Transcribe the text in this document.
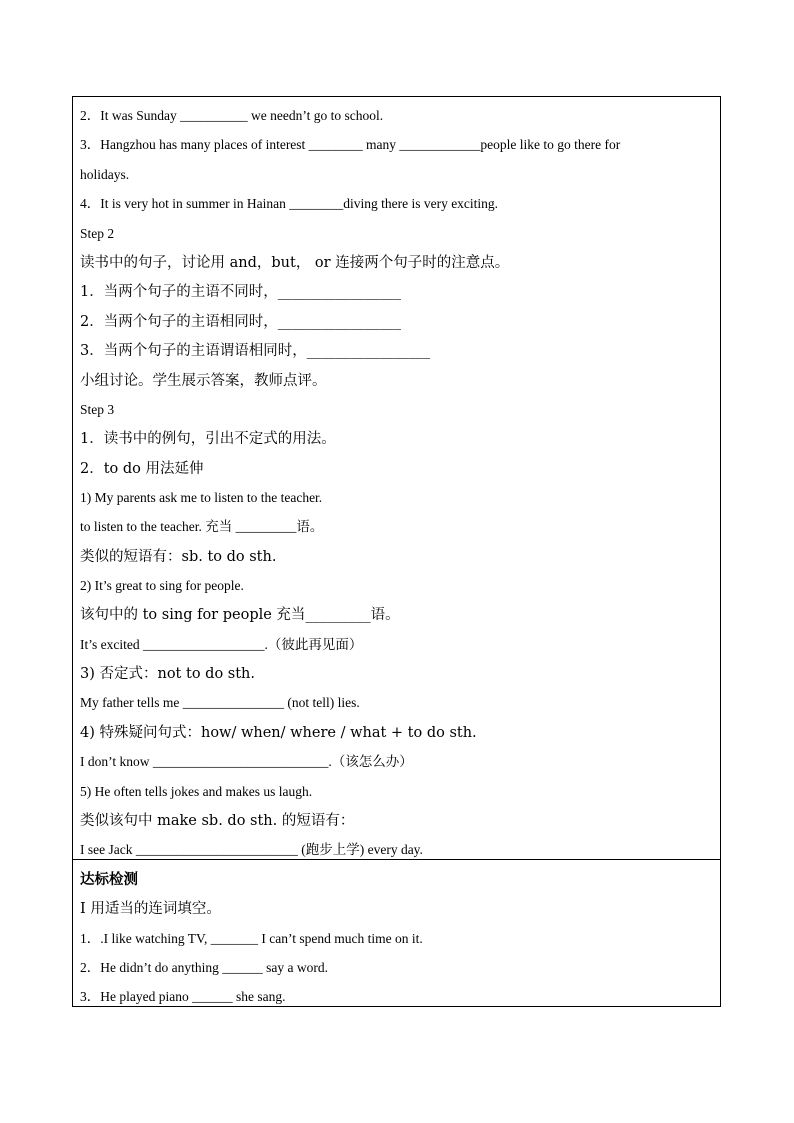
2．It was Sunday __________ we needn’t go to school.
3．Hangzhou has many places of interest ________ many ____________people like to go there for
holidays.
4．It is very hot in summer in Hainan ________diving there is very exciting.
Step 2
读书中的句子，讨论用 and，but， or 连接两个句子时的注意点。
1．当两个句子的主语不同时，_________________
2．当两个句子的主语相同时，_________________
3．当两个句子的主语谓语相同时，_________________
小组讨论。学生展示答案，教师点评。
Step 3
1．读书中的例句，引出不定式的用法。
2．to do 用法延伸
1) My parents ask me to listen to the teacher.
to listen to the teacher. 充当 _________语。
类似的短语有：sb. to do sth.
2) It’s great to sing for people.
该句中的 to sing for people 充当_________语。
It’s excited __________________.（彼此再见面）
3) 否定式：not to do sth.
My father tells me _______________ (not tell) lies.
4) 特殊疑问句式：how/ when/ where / what + to do sth.
I don’t know __________________________.（该怎么办）
5) He often tells jokes and makes us laugh.
类似该句中 make sb. do sth. 的短语有：
I see Jack ________________________ (跑步上学) every day.
达标检测
I 用适当的连词填空。
1．.I like watching TV, _______ I can’t spend much time on it.
2．He didn’t do anything ______ say a word.
3．He played piano ______ she sang.
